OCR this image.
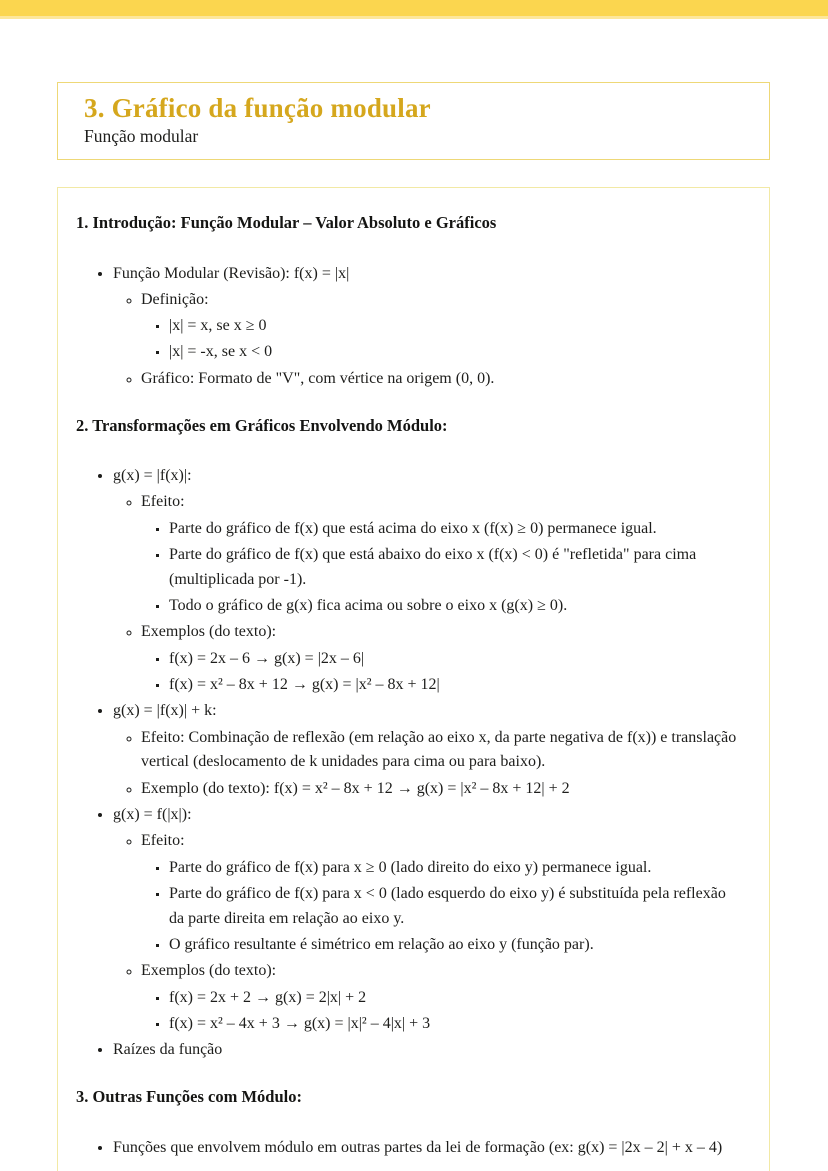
3. Gráfico da função modular
Função modular
1. Introdução: Função Modular – Valor Absoluto e Gráficos
• Função Modular (Revisão): f(x) = |x|
◦ Definição:
▪ |x| = x, se x ≥ 0
▪ |x| = -x, se x < 0
◦ Gráfico: Formato de "V", com vértice na origem (0, 0).
2. Transformações em Gráficos Envolvendo Módulo:
• g(x) = |f(x)|:
◦ Efeito:
▪ Parte do gráfico de f(x) que está acima do eixo x (f(x) ≥ 0) permanece igual.
▪ Parte do gráfico de f(x) que está abaixo do eixo x (f(x) < 0) é "refletida" para cima (multiplicada por -1).
▪ Todo o gráfico de g(x) fica acima ou sobre o eixo x (g(x) ≥ 0).
◦ Exemplos (do texto):
▪ f(x) = 2x – 6 → g(x) = |2x – 6|
▪ f(x) = x² – 8x + 12 → g(x) = |x² – 8x + 12|
• g(x) = |f(x)| + k:
◦ Efeito: Combinação de reflexão (em relação ao eixo x, da parte negativa de f(x)) e translação vertical (deslocamento de k unidades para cima ou para baixo).
◦ Exemplo (do texto): f(x) = x² – 8x + 12 → g(x) = |x² – 8x + 12| + 2
• g(x) = f(|x|):
◦ Efeito:
▪ Parte do gráfico de f(x) para x ≥ 0 (lado direito do eixo y) permanece igual.
▪ Parte do gráfico de f(x) para x < 0 (lado esquerdo do eixo y) é substituída pela reflexão da parte direita em relação ao eixo y.
▪ O gráfico resultante é simétrico em relação ao eixo y (função par).
◦ Exemplos (do texto):
▪ f(x) = 2x + 2 → g(x) = 2|x| + 2
▪ f(x) = x² – 4x + 3 → g(x) = |x|² – 4|x| + 3
• Raízes da função
3. Outras Funções com Módulo:
• Funções que envolvem módulo em outras partes da lei de formação (ex: g(x) = |2x – 2| + x – 4)
